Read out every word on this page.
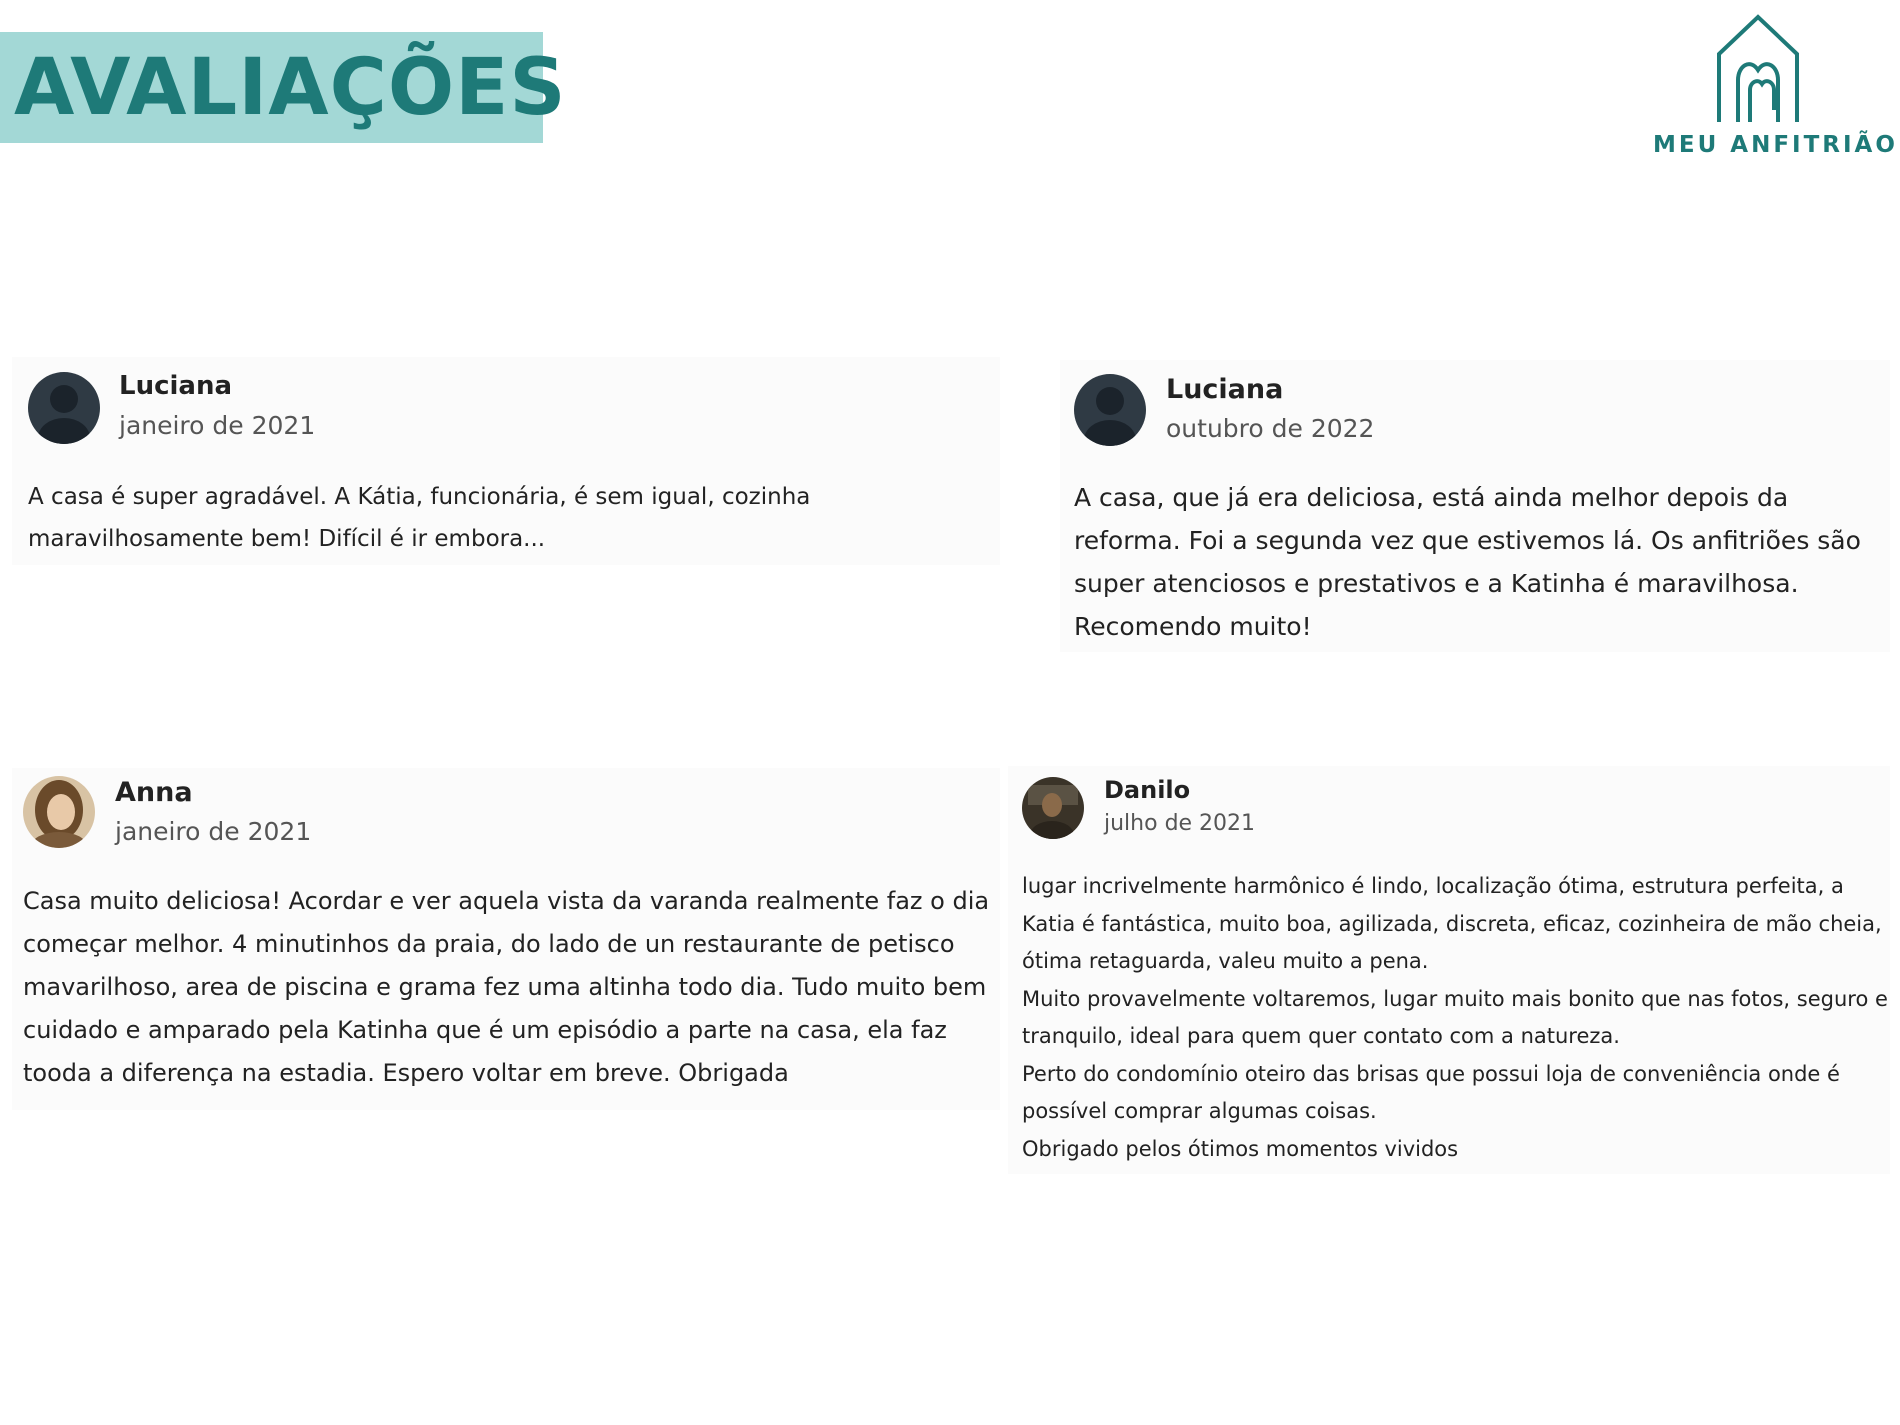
AVALIAÇÕES
MEU ANFITRIÃO
Luciana
janeiro de 2021
A casa é super agradável. A Kátia, funcionária, é sem igual, cozinha maravilhosamente bem! Difícil é ir embora...
Luciana
outubro de 2022
A casa, que já era deliciosa, está ainda melhor depois da reforma. Foi a segunda vez que estivemos lá. Os anfitriões são super atenciosos e prestativos e a Katinha é maravilhosa. Recomendo muito!
Anna
janeiro de 2021
Casa muito deliciosa! Acordar e ver aquela vista da varanda realmente faz o dia começar melhor. 4 minutinhos da praia, do lado de un restaurante de petisco mavarilhoso, area de piscina e grama fez uma altinha todo dia. Tudo muito bem cuidado e amparado pela Katinha que é um episódio a parte na casa, ela faz tooda a diferença na estadia. Espero voltar em breve. Obrigada
Danilo
julho de 2021
lugar incrivelmente harmônico é lindo, localização ótima, estrutura perfeita, a Katia é fantástica, muito boa, agilizada, discreta, eficaz, cozinheira de mão cheia, ótima retaguarda, valeu muito a pena.
Muito provavelmente voltaremos, lugar muito mais bonito que nas fotos, seguro e tranquilo, ideal para quem quer contato com a natureza.
Perto do condomínio oteiro das brisas que possui loja de conveniência onde é possível comprar algumas coisas.
Obrigado pelos ótimos momentos vividos
